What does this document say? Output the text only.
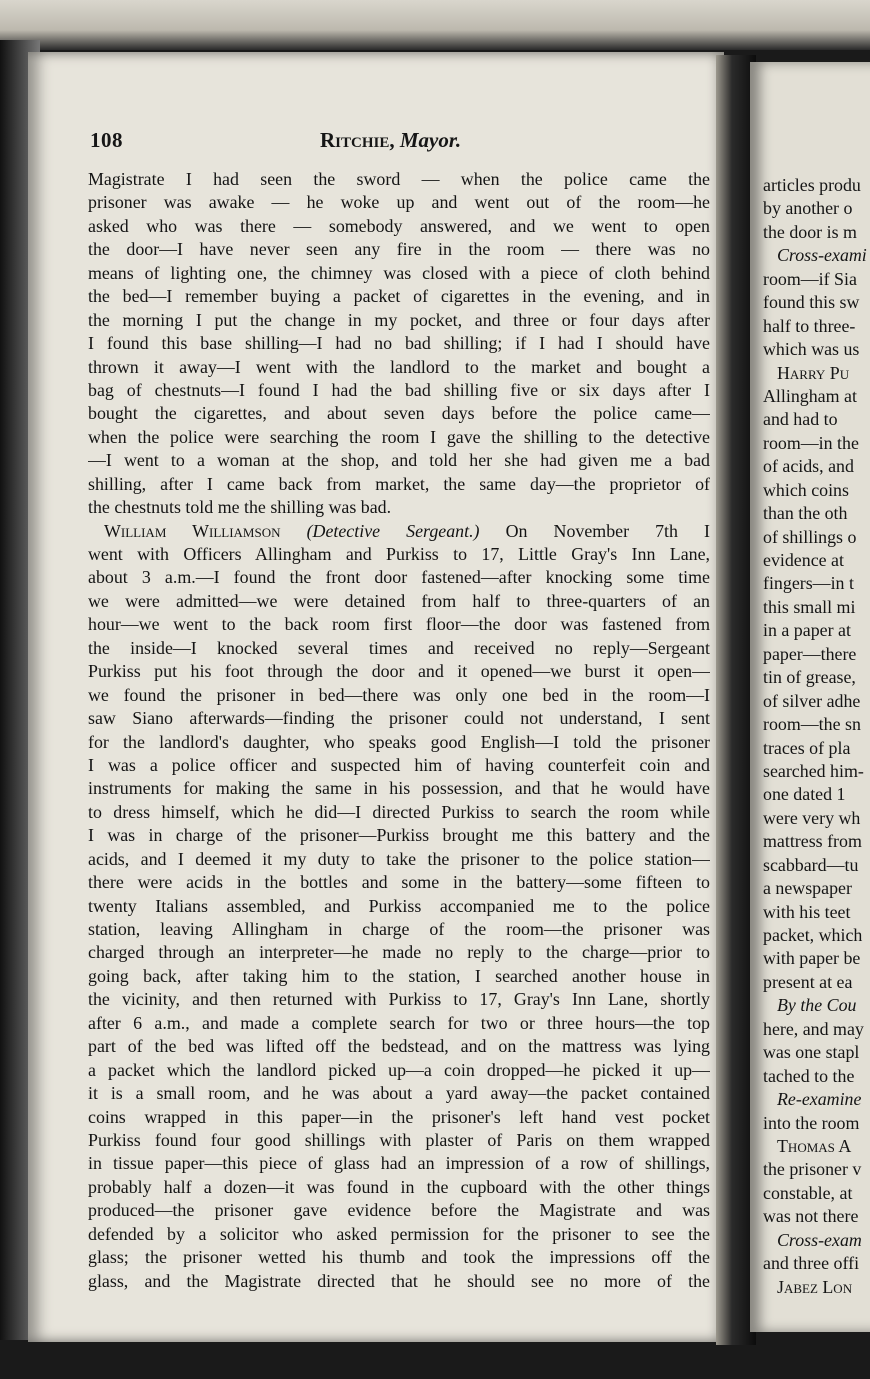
articles produ
by another o
the door is m
Cross-exami
room—if Sia
found this sw
half to three-
which was us
Harry Pu
Allingham at
and had to
room—in the
of acids, and
which coins
than the oth
of shillings o
evidence at
fingers—in t
this small mi
in a paper at
paper—there
tin of grease,
of silver adhe
room—the sn
traces of pla
searched him-
one dated 1
were very wh
mattress from
scabbard—tu
a newspaper
with his teet
packet, which
with paper be
present at ea
By the Cou
here, and may
was one stapl
tached to the
Re-examine
into the room
Thomas A
the prisoner v
constable, at
was not there
Cross-exam
and three offi
Jabez Lon
108	Ritchie, Mayor.
Magistrate I had seen the sword — when the police came the
prisoner was awake — he woke up and went out of the room—he
asked who was there — somebody answered, and we went to open
the door—I have never seen any fire in the room — there was no
means of lighting one, the chimney was closed with a piece of cloth behind
the bed—I remember buying a packet of cigarettes in the evening, and in
the morning I put the change in my pocket, and three or four days after
I found this base shilling—I had no bad shilling; if I had I should have
thrown it away—I went with the landlord to the market and bought a
bag of chestnuts—I found I had the bad shilling five or six days after I
bought the cigarettes, and about seven days before the police came—
when the police were searching the room I gave the shilling to the detective
—I went to a woman at the shop, and told her she had given me a bad
shilling, after I came back from market, the same day—the proprietor of
the chestnuts told me the shilling was bad.
William Williamson (Detective Sergeant.) On November 7th I
went with Officers Allingham and Purkiss to 17, Little Gray's Inn Lane,
about 3 a.m.—I found the front door fastened—after knocking some time
we were admitted—we were detained from half to three-quarters of an
hour—we went to the back room first floor—the door was fastened from
the inside—I knocked several times and received no reply—Sergeant
Purkiss put his foot through the door and it opened—we burst it open—
we found the prisoner in bed—there was only one bed in the room—I
saw Siano afterwards—finding the prisoner could not understand, I sent
for the landlord's daughter, who speaks good English—I told the prisoner
I was a police officer and suspected him of having counterfeit coin and
instruments for making the same in his possession, and that he would have
to dress himself, which he did—I directed Purkiss to search the room while
I was in charge of the prisoner—Purkiss brought me this battery and the
acids, and I deemed it my duty to take the prisoner to the police station—
there were acids in the bottles and some in the battery—some fifteen to
twenty Italians assembled, and Purkiss accompanied me to the police
station, leaving Allingham in charge of the room—the prisoner was
charged through an interpreter—he made no reply to the charge—prior to
going back, after taking him to the station, I searched another house in
the vicinity, and then returned with Purkiss to 17, Gray's Inn Lane, shortly
after 6 a.m., and made a complete search for two or three hours—the top
part of the bed was lifted off the bedstead, and on the mattress was lying
a packet which the landlord picked up—a coin dropped—he picked it up—
it is a small room, and he was about a yard away—the packet contained
coins wrapped in this paper—in the prisoner's left hand vest pocket
Purkiss found four good shillings with plaster of Paris on them wrapped
in tissue paper—this piece of glass had an impression of a row of shillings,
probably half a dozen—it was found in the cupboard with the other things
produced—the prisoner gave evidence before the Magistrate and was
defended by a solicitor who asked permission for the prisoner to see the
glass; the prisoner wetted his thumb and took the impressions off the
glass, and the Magistrate directed that he should see no more of the
